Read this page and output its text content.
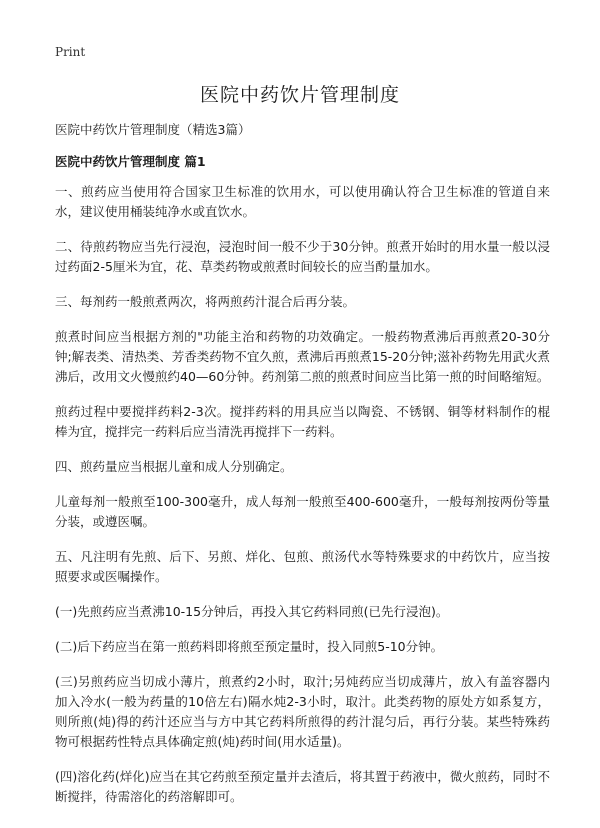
Print
医院中药饮片管理制度

医院中药饮片管理制度（精选3篇）

医院中药饮片管理制度 篇1

一、煎药应当使用符合国家卫生标准的饮用水，可以使用确认符合卫生标准的管道自来水，建议使用桶装纯净水或直饮水。

二、待煎药物应当先行浸泡，浸泡时间一般不少于30分钟。煎煮开始时的用水量一般以浸过药面2-5厘米为宜，花、草类药物或煎煮时间较长的应当酌量加水。

三、每剂药一般煎煮两次，将两煎药汁混合后再分装。

煎煮时间应当根据方剂的"功能主治和药物的功效确定。一般药物煮沸后再煎煮20-30分钟;解表类、清热类、芳香类药物不宜久煎，煮沸后再煎煮15-20分钟;滋补药物先用武火煮沸后，改用文火慢煎约40—60分钟。药剂第二煎的煎煮时间应当比第一煎的时间略缩短。

煎药过程中要搅拌药料2-3次。搅拌药料的用具应当以陶瓷、不锈钢、铜等材料制作的棍棒为宜，搅拌完一药料后应当清洗再搅拌下一药料。

四、煎药量应当根据儿童和成人分别确定。

儿童每剂一般煎至100-300毫升，成人每剂一般煎至400-600毫升，一般每剂按两份等量分装，或遵医嘱。

五、凡注明有先煎、后下、另煎、烊化、包煎、煎汤代水等特殊要求的中药饮片，应当按照要求或医嘱操作。

(一)先煎药应当煮沸10-15分钟后，再投入其它药料同煎(已先行浸泡)。

(二)后下药应当在第一煎药料即将煎至预定量时，投入同煎5-10分钟。

(三)另煎药应当切成小薄片，煎煮约2小时，取汁;另炖药应当切成薄片，放入有盖容器内加入冷水(一般为药量的10倍左右)隔水炖2-3小时，取汁。此类药物的原处方如系复方，则所煎(炖)得的药汁还应当与方中其它药料所煎得的药汁混匀后，再行分装。某些特殊药物可根据药性特点具体确定煎(炖)药时间(用水适量)。

(四)溶化药(烊化)应当在其它药煎至预定量并去渣后，将其置于药液中，微火煎药，同时不断搅拌，待需溶化的药溶解即可。
